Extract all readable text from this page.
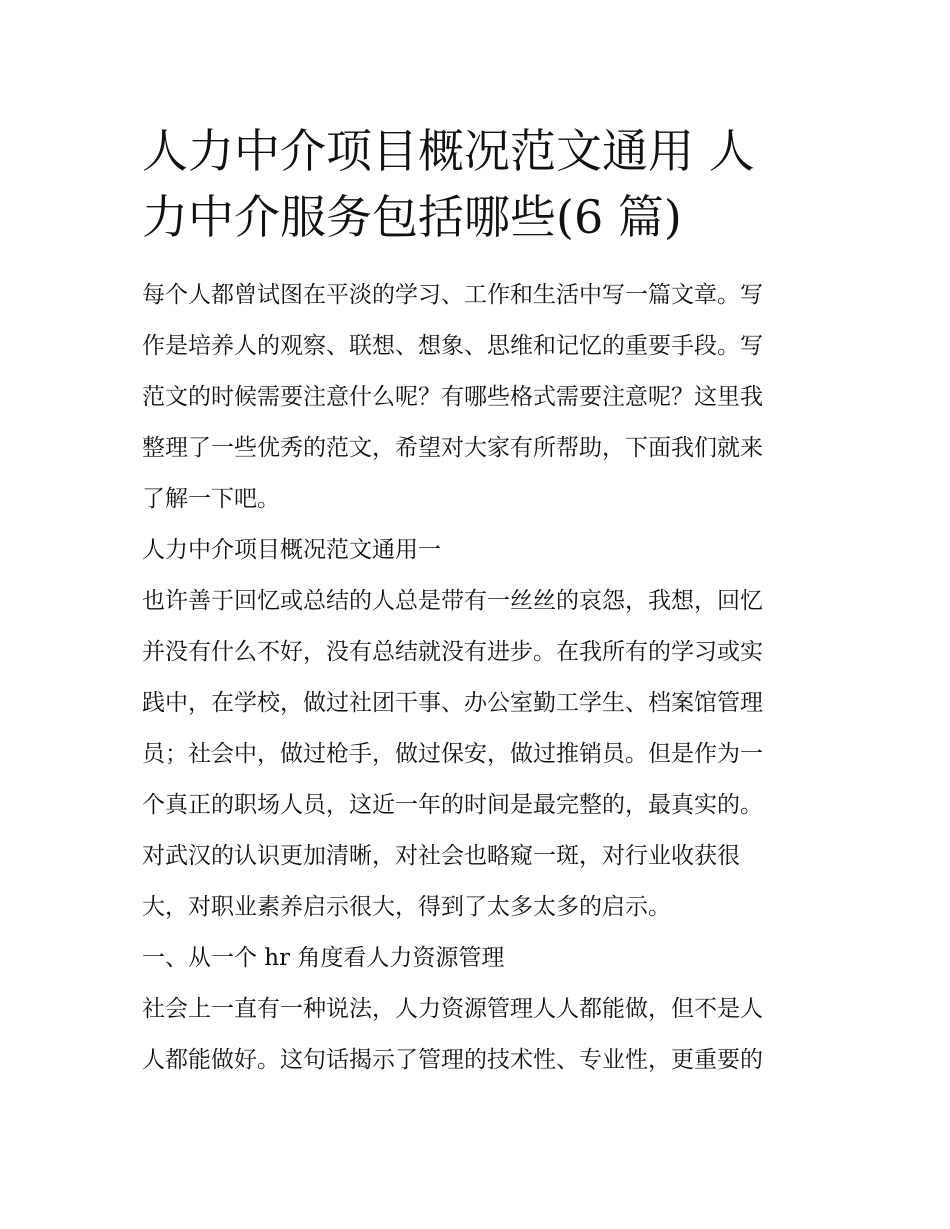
人力中介项目概况范文通用 人
力中介服务包括哪些(6 篇)
每个人都曾试图在平淡的学习、工作和生活中写一篇文章。写
作是培养人的观察、联想、想象、思维和记忆的重要手段。写
范文的时候需要注意什么呢？有哪些格式需要注意呢？这里我
整理了一些优秀的范文，希望对大家有所帮助，下面我们就来
了解一下吧。
人力中介项目概况范文通用一
也许善于回忆或总结的人总是带有一丝丝的哀怨，我想，回忆
并没有什么不好，没有总结就没有进步。在我所有的学习或实
践中，在学校，做过社团干事、办公室勤工学生、档案馆管理
员；社会中，做过枪手，做过保安，做过推销员。但是作为一
个真正的职场人员，这近一年的时间是最完整的，最真实的。
对武汉的认识更加清晰，对社会也略窥一斑，对行业收获很
大，对职业素养启示很大，得到了太多太多的启示。
一、从一个 hr 角度看人力资源管理
社会上一直有一种说法，人力资源管理人人都能做，但不是人
人都能做好。这句话揭示了管理的技术性、专业性，更重要的
